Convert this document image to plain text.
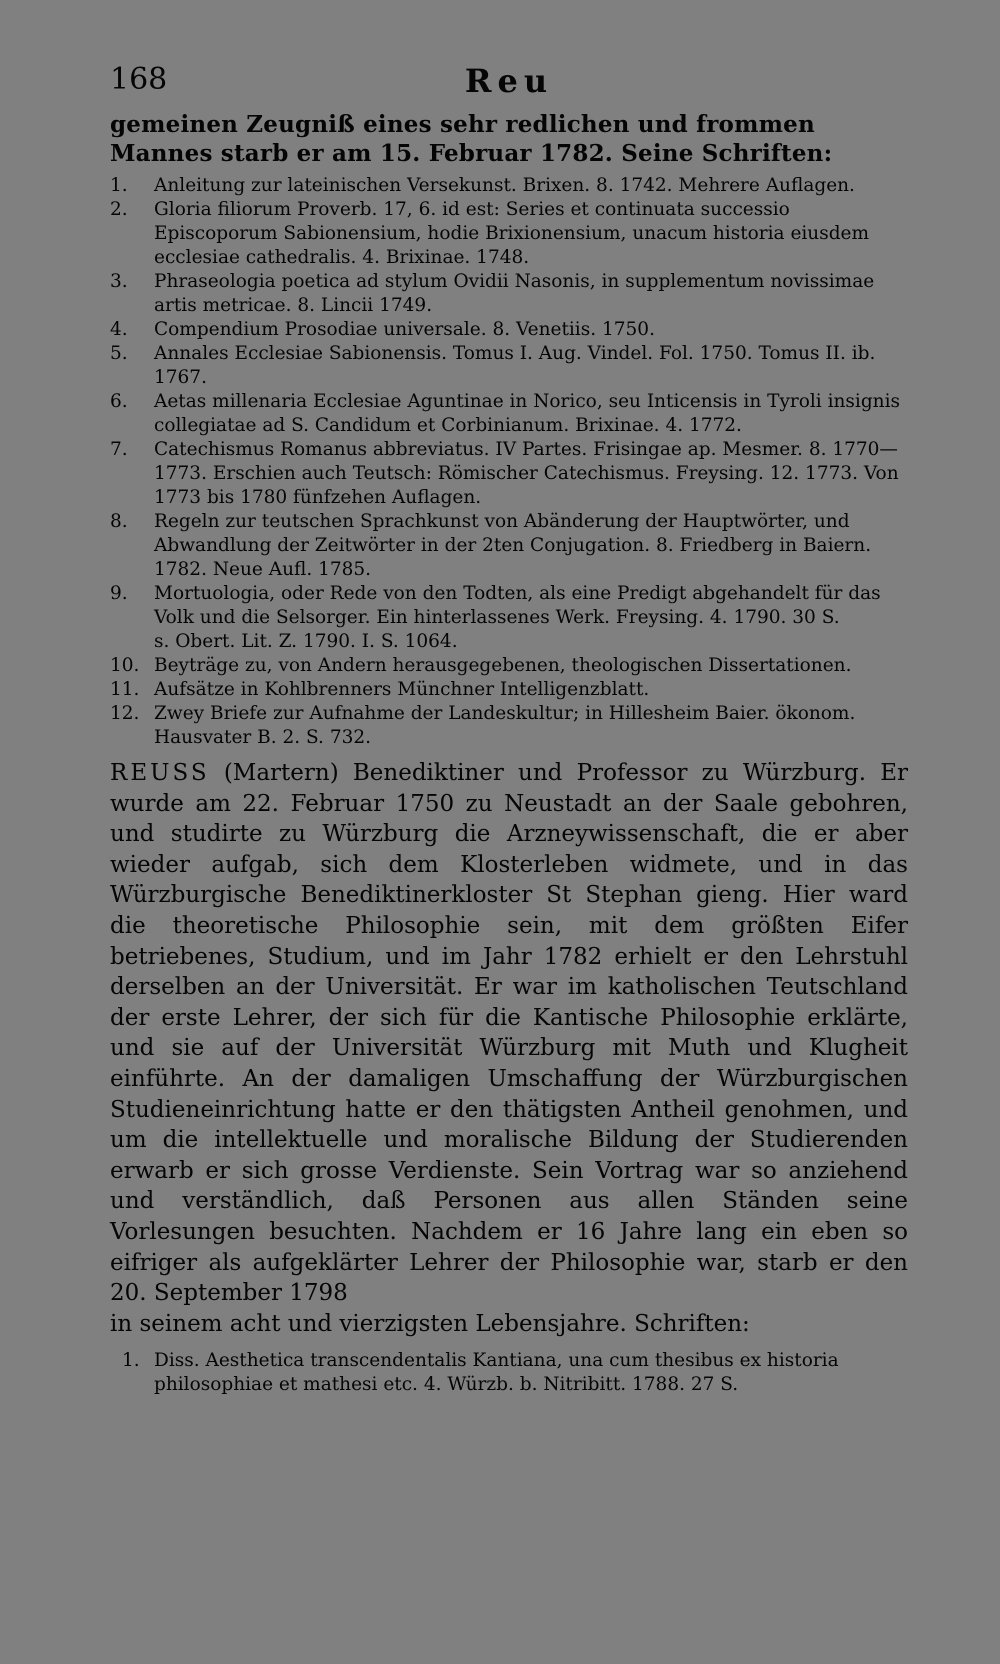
168	Reu

gemeinen Zeugniß eines sehr redlichen und frommen Mannes starb er am 15. Februar 1782. Seine Schriften:

1.	Anleitung zur lateinischen Versekunst. Brixen. 8. 1742. Mehrere Auflagen.
2.	Gloria filiorum Proverb. 17, 6. id est: Series et continuata successio Episcoporum Sabionensium, hodie Brixionensium, unacum historia eiusdem ecclesiae cathedralis. 4. Brixinae. 1748.
3.	Phraseologia poetica ad stylum Ovidii Nasonis, in supplementum novissimae artis metricae. 8. Lincii 1749.
4.	Compendium Prosodiae universale. 8. Venetiis. 1750.
5.	Annales Ecclesiae Sabionensis. Tomus I. Aug. Vindel. Fol. 1750. Tomus II. ib. 1767.
6.	Aetas millenaria Ecclesiae Aguntinae in Norico, seu Inticensis in Tyroli insignis collegiatae ad S. Candidum et Corbinianum. Brixinae. 4. 1772.
7.	Catechismus Romanus abbreviatus. IV Partes. Frisingae ap. Mesmer. 8. 1770—1773. Erschien auch Teutsch: Römischer Catechismus. Freysing. 12. 1773. Von 1773 bis 1780 fünfzehen Auflagen.
8.	Regeln zur teutschen Sprachkunst von Abänderung der Hauptwörter, und Abwandlung der Zeitwörter in der 2ten Conjugation. 8. Friedberg in Baiern. 1782. Neue Aufl. 1785.
9.	Mortuologia, oder Rede von den Todten, als eine Predigt abgehandelt für das Volk und die Selsorger. Ein hinterlassenes Werk. Freysing. 4. 1790. 30 S.
s. Obert. Lit. Z. 1790. I. S. 1064.
10. Beyträge zu, von Andern herausgegebenen, theologischen Dissertationen.
11. Aufsätze in Kohlbrenners Münchner Intelligenzblatt.
12. Zwey Briefe zur Aufnahme der Landeskultur; in Hillesheim Baier. ökonom. Hausvater B. 2. S. 732.

REUSS (Martern) Benediktiner und Professor zu Würzburg. Er wurde am 22. Februar 1750 zu Neustadt an der Saale gebohren, und studirte zu Würzburg die Arzneywissenschaft, die er aber wieder aufgab, sich dem Klosterleben widmete, und in das Würzburgische Benediktinerkloster St Stephan gieng. Hier ward die theoretische Philosophie sein, mit dem größten Eifer betriebenes, Studium, und im Jahr 1782 erhielt er den Lehrstuhl derselben an der Universität. Er war im katholischen Teutschland der erste Lehrer, der sich für die Kantische Philosophie erklärte, und sie auf der Universität Würzburg mit Muth und Klugheit einführte. An der damaligen Umschaffung der Würzburgischen Studieneinrichtung hatte er den thätigsten Antheil genohmen, und um die intellektuelle und moralische Bildung der Studierenden erwarb er sich grosse Verdienste. Sein Vortrag war so anziehend und verständlich, daß Personen aus allen Ständen seine Vorlesungen besuchten. Nachdem er 16 Jahre lang ein eben so eifriger als aufgeklärter Lehrer der Philosophie war, starb er den 20. September 1798
in seinem acht und vierzigsten Lebensjahre. Schriften:

1. Diss. Aesthetica transcendentalis Kantiana, una cum thesibus ex historia philosophiae et mathesi etc. 4. Würzb. b. Nitribitt. 1788. 27 S.
